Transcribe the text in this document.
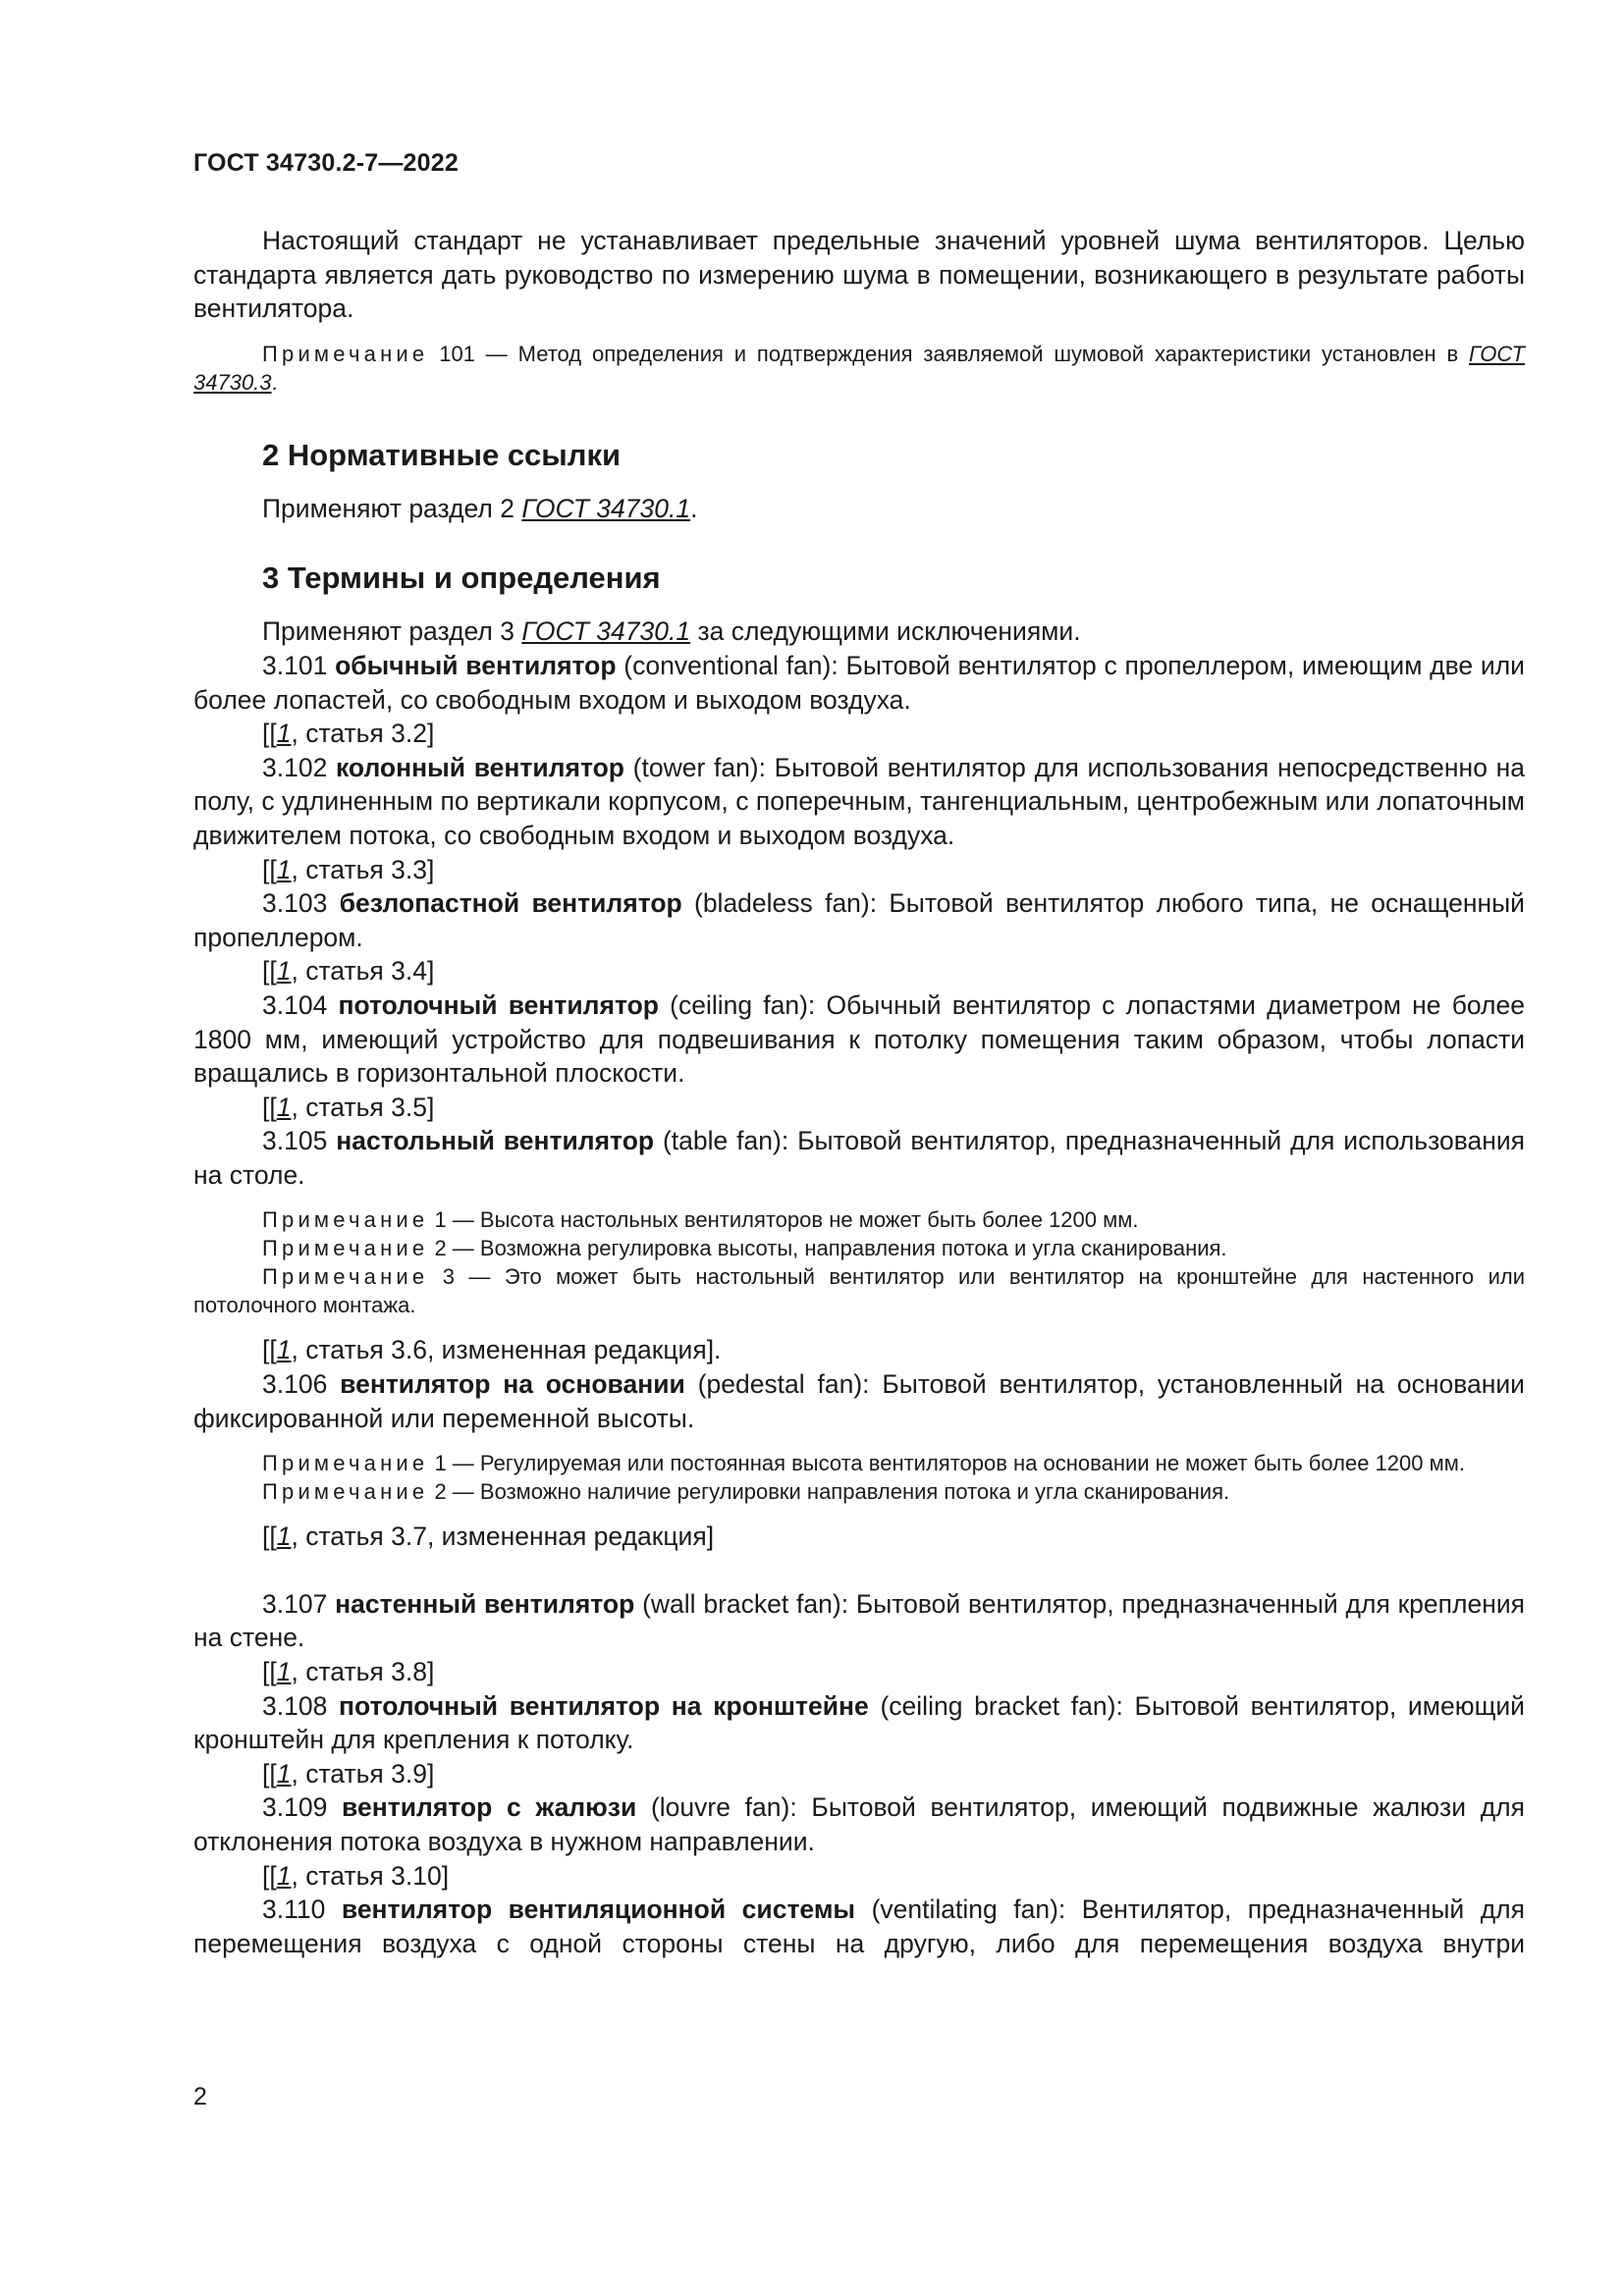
ГОСТ 34730.2-7—2022

Настоящий стандарт не устанавливает предельные значений уровней шума вентиляторов. Целью стандарта является дать руководство по измерению шума в помещении, возникающего в результате работы вентилятора.

Примечание 101 — Метод определения и подтверждения заявляемой шумовой характеристики установлен в ГОСТ 34730.3.

2 Нормативные ссылки

Применяют раздел 2 ГОСТ 34730.1.

3 Термины и определения

Применяют раздел 3 ГОСТ 34730.1 за следующими исключениями.

3.101 обычный вентилятор (conventional fan): Бытовой вентилятор с пропеллером, имеющим две или более лопастей, со свободным входом и выходом воздуха.

[[1, статья 3.2]

3.102 колонный вентилятор (tower fan): Бытовой вентилятор для использования непосредственно на полу, с удлиненным по вертикали корпусом, с поперечным, тангенциальным, центробежным или лопаточным движителем потока, со свободным входом и выходом воздуха.

[[1, статья 3.3]

3.103 безлопастной вентилятор (bladeless fan): Бытовой вентилятор любого типа, не оснащенный пропеллером.

[[1, статья 3.4]

3.104 потолочный вентилятор (ceiling fan): Обычный вентилятор с лопастями диаметром не более 1800 мм, имеющий устройство для подвешивания к потолку помещения таким образом, чтобы лопасти вращались в горизонтальной плоскости.

[[1, статья 3.5]

3.105 настольный вентилятор (table fan): Бытовой вентилятор, предназначенный для использования на столе.

Примечание 1 — Высота настольных вентиляторов не может быть более 1200 мм.

Примечание 2 — Возможна регулировка высоты, направления потока и угла сканирования.

Примечание 3 — Это может быть настольный вентилятор или вентилятор на кронштейне для настенного или потолочного монтажа.

[[1, статья 3.6, измененная редакция].

3.106 вентилятор на основании (pedestal fan): Бытовой вентилятор, установленный на основании фиксированной или переменной высоты.

Примечание 1 — Регулируемая или постоянная высота вентиляторов на основании не может быть более 1200 мм.

Примечание 2 — Возможно наличие регулировки направления потока и угла сканирования.

[[1, статья 3.7, измененная редакция]

3.107 настенный вентилятор (wall bracket fan): Бытовой вентилятор, предназначенный для крепления на стене.

[[1, статья 3.8]

3.108 потолочный вентилятор на кронштейне (ceiling bracket fan): Бытовой вентилятор, имеющий кронштейн для крепления к потолку.

[[1, статья 3.9]

3.109 вентилятор с жалюзи (louvre fan): Бытовой вентилятор, имеющий подвижные жалюзи для отклонения потока воздуха в нужном направлении.

[[1, статья 3.10]

3.110 вентилятор вентиляционной системы (ventilating fan): Вентилятор, предназначенный для перемещения воздуха с одной стороны стены на другую, либо для перемещения воздуха внутри

2
